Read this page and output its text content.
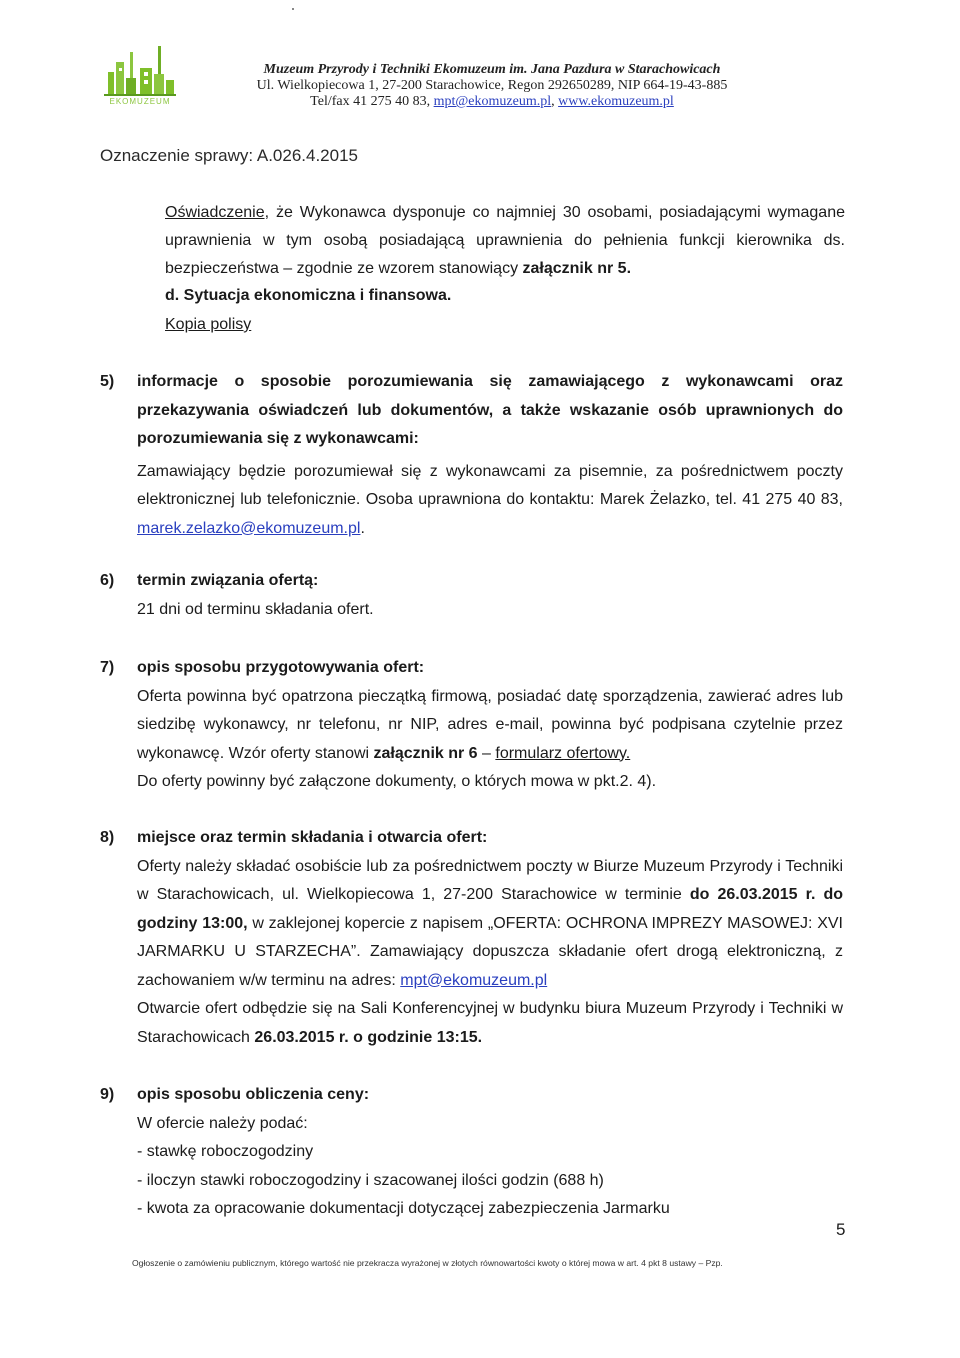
EKOMUZEUM
Muzeum Przyrody i Techniki Ekomuzeum im. Jana Pazdura w Starachowicach
Ul. Wielkopiecowa 1, 27-200 Starachowice, Regon 292650289, NIP 664-19-43-885
Tel/fax 41 275 40 83, mpt@ekomuzeum.pl, www.ekomuzeum.pl
Oznaczenie sprawy: A.026.4.2015
Oświadczenie, że Wykonawca dysponuje co najmniej 30 osobami, posiadającymi wymagane uprawnienia w tym osobą posiadającą uprawnienia do pełnienia funkcji kierownika ds. bezpieczeństwa – zgodnie ze wzorem stanowiący załącznik nr 5.
d. Sytuacja ekonomiczna i finansowa.
Kopia polisy
5) informacje o sposobie porozumiewania się zamawiającego z wykonawcami oraz przekazywania oświadczeń lub dokumentów, a także wskazanie osób uprawnionych do porozumiewania się z wykonawcami:

Zamawiający będzie porozumiewał się z wykonawcami za pisemnie, za pośrednictwem poczty elektronicznej lub telefonicznie. Osoba uprawniona do kontaktu: Marek Żelazko, tel. 41 275 40 83, marek.zelazko@ekomuzeum.pl.

6) termin związania ofertą:

21 dni od terminu składania ofert.

7) opis sposobu przygotowywania ofert:

Oferta powinna być opatrzona pieczątką firmową, posiadać datę sporządzenia, zawierać adres lub siedzibę wykonawcy, nr telefonu, nr NIP, adres e-mail, powinna być podpisana czytelnie przez wykonawcę. Wzór oferty stanowi załącznik nr 6 – formularz ofertowy.

Do oferty powinny być załączone dokumenty, o których mowa w pkt.2. 4).

8) miejsce oraz termin składania i otwarcia ofert:

Oferty należy składać osobiście lub za pośrednictwem poczty w Biurze Muzeum Przyrody i Techniki w Starachowicach, ul. Wielkopiecowa 1, 27-200 Starachowice w terminie do 26.03.2015 r. do godziny 13:00, w zaklejonej kopercie z napisem „OFERTA: OCHRONA IMPREZY MASOWEJ: XVI JARMARKU U STARZECHA”. Zamawiający dopuszcza składanie ofert drogą elektroniczną, z zachowaniem w/w terminu na adres: mpt@ekomuzeum.pl

Otwarcie ofert odbędzie się na Sali Konferencyjnej w budynku biura Muzeum Przyrody i Techniki w Starachowicach 26.03.2015 r. o godzinie 13:15.

9) opis sposobu obliczenia ceny:

W ofercie należy podać:

- stawkę roboczogodziny

- iloczyn stawki roboczogodziny i szacowanej ilości godzin (688 h)

- kwota za opracowanie dokumentacji dotyczącej zabezpieczenia Jarmarku

5
Ogłoszenie o zamówieniu publicznym, którego wartość nie przekracza wyrażonej w złotych równowartości kwoty o której mowa w art. 4 pkt 8 ustawy – Pzp.
